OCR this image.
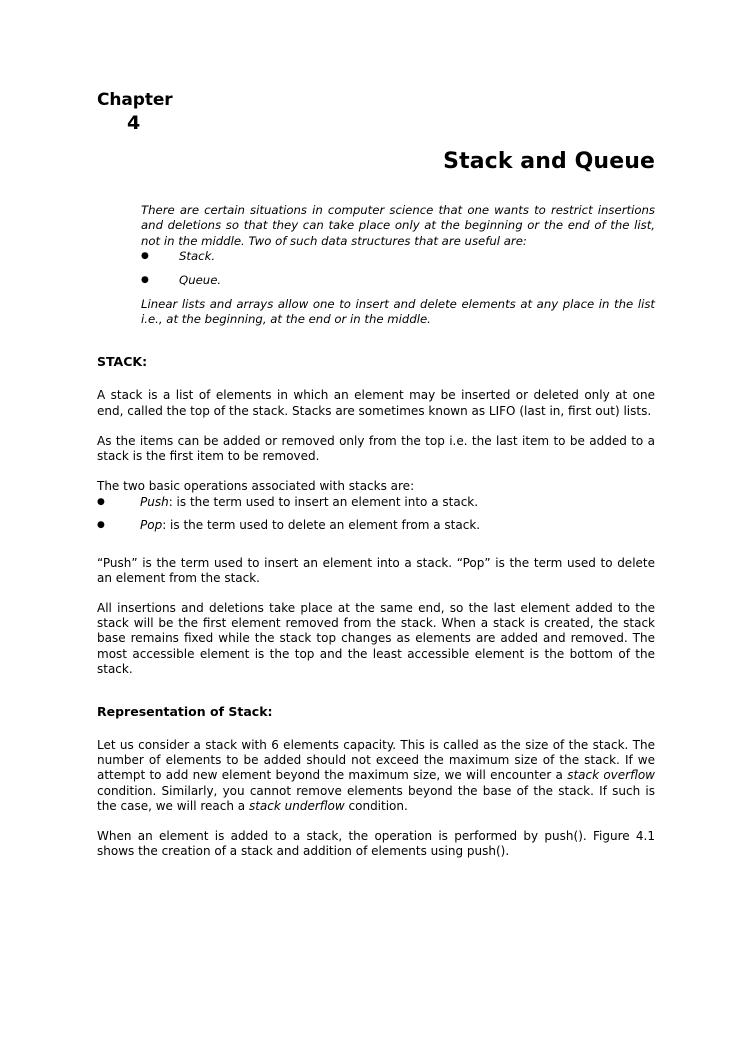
Chapter
4
Stack and Queue

There are certain situations in computer science that one wants to restrict insertions and deletions so that they can take place only at the beginning or the end of the list, not in the middle. Two of such data structures that are useful are:

●	Stack.
●	Queue.

Linear lists and arrays allow one to insert and delete elements at any place in the list i.e., at the beginning, at the end or in the middle.

STACK:

A stack is a list of elements in which an element may be inserted or deleted only at one end, called the top of the stack. Stacks are sometimes known as LIFO (last in, first out) lists.

As the items can be added or removed only from the top i.e. the last item to be added to a stack is the first item to be removed.

The two basic operations associated with stacks are:

●	Push: is the term used to insert an element into a stack.
●	Pop: is the term used to delete an element from a stack.

“Push” is the term used to insert an element into a stack. “Pop” is the term used to delete an element from the stack.

All insertions and deletions take place at the same end, so the last element added to the stack will be the first element removed from the stack. When a stack is created, the stack base remains fixed while the stack top changes as elements are added and removed. The most accessible element is the top and the least accessible element is the bottom of the stack.

Representation of Stack:

Let us consider a stack with 6 elements capacity. This is called as the size of the stack. The number of elements to be added should not exceed the maximum size of the stack. If we attempt to add new element beyond the maximum size, we will encounter a stack overflow condition. Similarly, you cannot remove elements beyond the base of the stack. If such is the case, we will reach a stack underflow condition.

When an element is added to a stack, the operation is performed by push(). Figure 4.1 shows the creation of a stack and addition of elements using push().
